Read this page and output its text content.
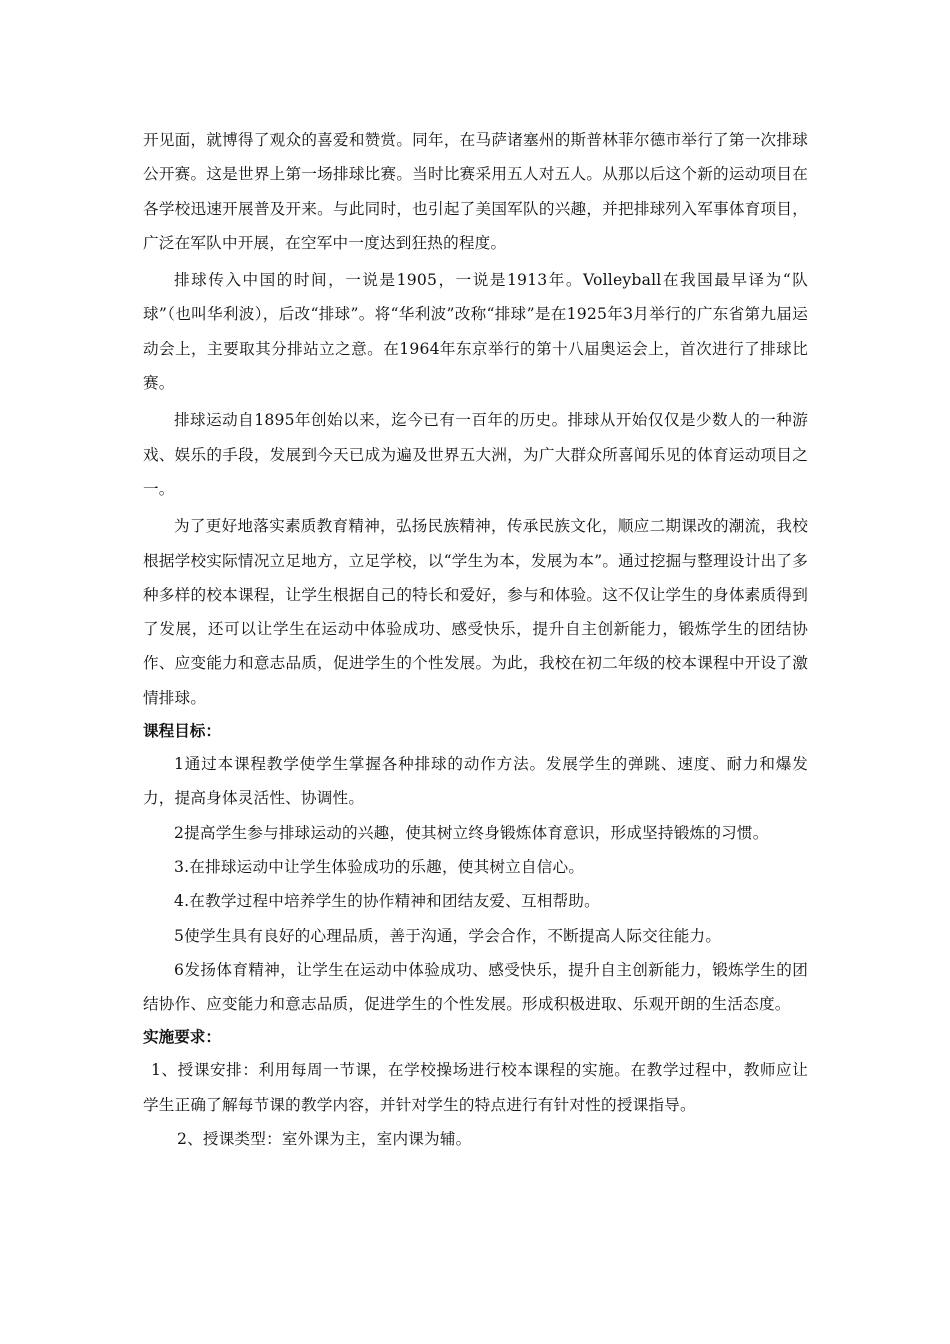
开见面，就博得了观众的喜爱和赞赏。同年，在马萨诸塞州的斯普林菲尔德市举行了第一次排球公开赛。这是世界上第一场排球比赛。当时比赛采用五人对五人。从那以后这个新的运动项目在各学校迅速开展普及开来。与此同时，也引起了美国军队的兴趣，并把排球列入军事体育项目，广泛在军队中开展，在空军中一度达到狂热的程度。

排球传入中国的时间，一说是1905，一说是1913年。Volleyball在我国最早译为“队球”（也叫华利波），后改“排球”。将“华利波”改称“排球”是在1925年3月举行的广东省第九届运动会上，主要取其分排站立之意。在1964年东京举行的第十八届奥运会上，首次进行了排球比赛。

排球运动自1895年创始以来，迄今已有一百年的历史。排球从开始仅仅是少数人的一种游戏、娱乐的手段，发展到今天已成为遍及世界五大洲，为广大群众所喜闻乐见的体育运动项目之一。

为了更好地落实素质教育精神，弘扬民族精神，传承民族文化，顺应二期课改的潮流，我校根据学校实际情况立足地方，立足学校，以“学生为本，发展为本”。通过挖掘与整理设计出了多种多样的校本课程，让学生根据自己的特长和爱好，参与和体验。这不仅让学生的身体素质得到了发展，还可以让学生在运动中体验成功、感受快乐，提升自主创新能力，锻炼学生的团结协作、应变能力和意志品质，促进学生的个性发展。为此，我校在初二年级的校本课程中开设了激情排球。

课程目标：

1通过本课程教学使学生掌握各种排球的动作方法。发展学生的弹跳、速度、耐力和爆发力，提高身体灵活性、协调性。

2提高学生参与排球运动的兴趣，使其树立终身锻炼体育意识，形成坚持锻炼的习惯。

3.在排球运动中让学生体验成功的乐趣，使其树立自信心。

4.在教学过程中培养学生的协作精神和团结友爱、互相帮助。

5使学生具有良好的心理品质，善于沟通，学会合作，不断提高人际交往能力。

6发扬体育精神，让学生在运动中体验成功、感受快乐，提升自主创新能力，锻炼学生的团结协作、应变能力和意志品质，促进学生的个性发展。形成积极进取、乐观开朗的生活态度。

实施要求：

1、授课安排：利用每周一节课，在学校操场进行校本课程的实施。在教学过程中，教师应让学生正确了解每节课的教学内容，并针对学生的特点进行有针对性的授课指导。

2、授课类型：室外课为主，室内课为辅。
